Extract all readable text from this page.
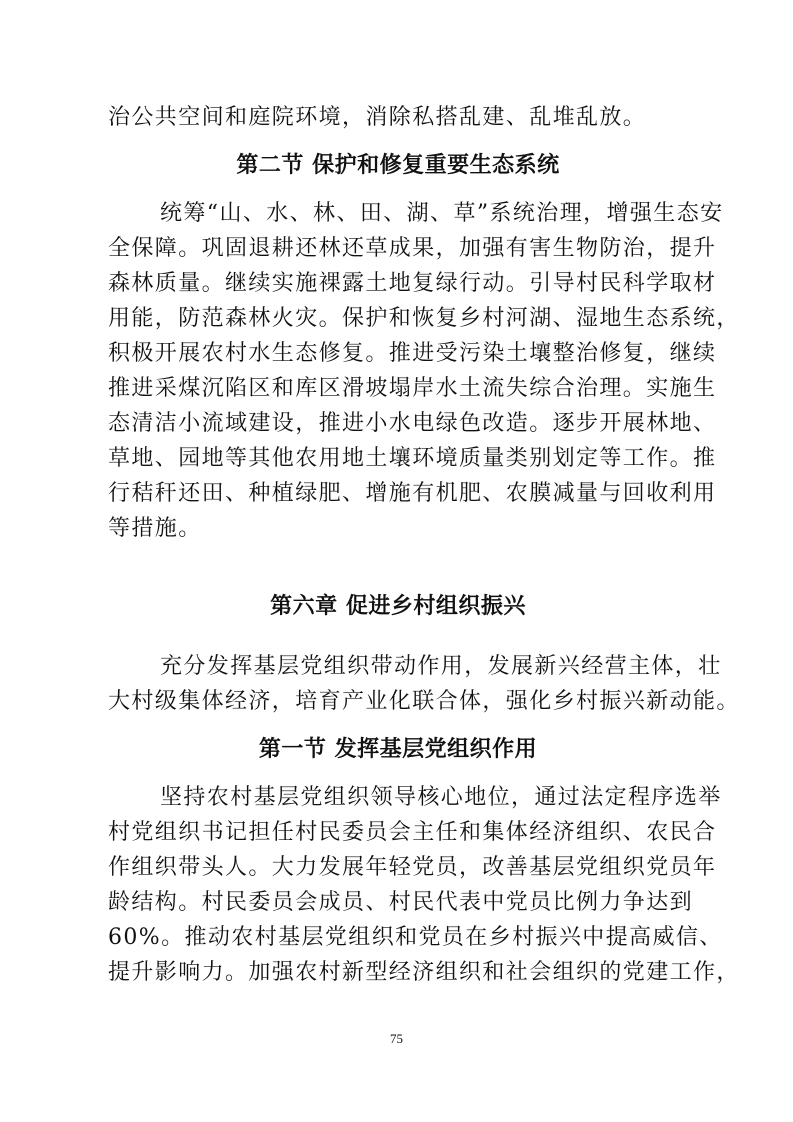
治公共空间和庭院环境，消除私搭乱建、乱堆乱放。
第二节 保护和修复重要生态系统
统筹“山、水、林、田、湖、草”系统治理，增强生态安
全保障。巩固退耕还林还草成果，加强有害生物防治，提升
森林质量。继续实施裸露土地复绿行动。引导村民科学取材
用能，防范森林火灾。保护和恢复乡村河湖、湿地生态系统，
积极开展农村水生态修复。推进受污染土壤整治修复，继续
推进采煤沉陷区和库区滑坡塌岸水土流失综合治理。实施生
态清洁小流域建设，推进小水电绿色改造。逐步开展林地、
草地、园地等其他农用地土壤环境质量类别划定等工作。推
行秸秆还田、种植绿肥、增施有机肥、农膜减量与回收利用
等措施。
第六章 促进乡村组织振兴
充分发挥基层党组织带动作用，发展新兴经营主体，壮
大村级集体经济，培育产业化联合体，强化乡村振兴新动能。
第一节 发挥基层党组织作用
坚持农村基层党组织领导核心地位，通过法定程序选举
村党组织书记担任村民委员会主任和集体经济组织、农民合
作组织带头人。大力发展年轻党员，改善基层党组织党员年
龄结构。村民委员会成员、村民代表中党员比例力争达到
60%。推动农村基层党组织和党员在乡村振兴中提高威信、
提升影响力。加强农村新型经济组织和社会组织的党建工作，
75
